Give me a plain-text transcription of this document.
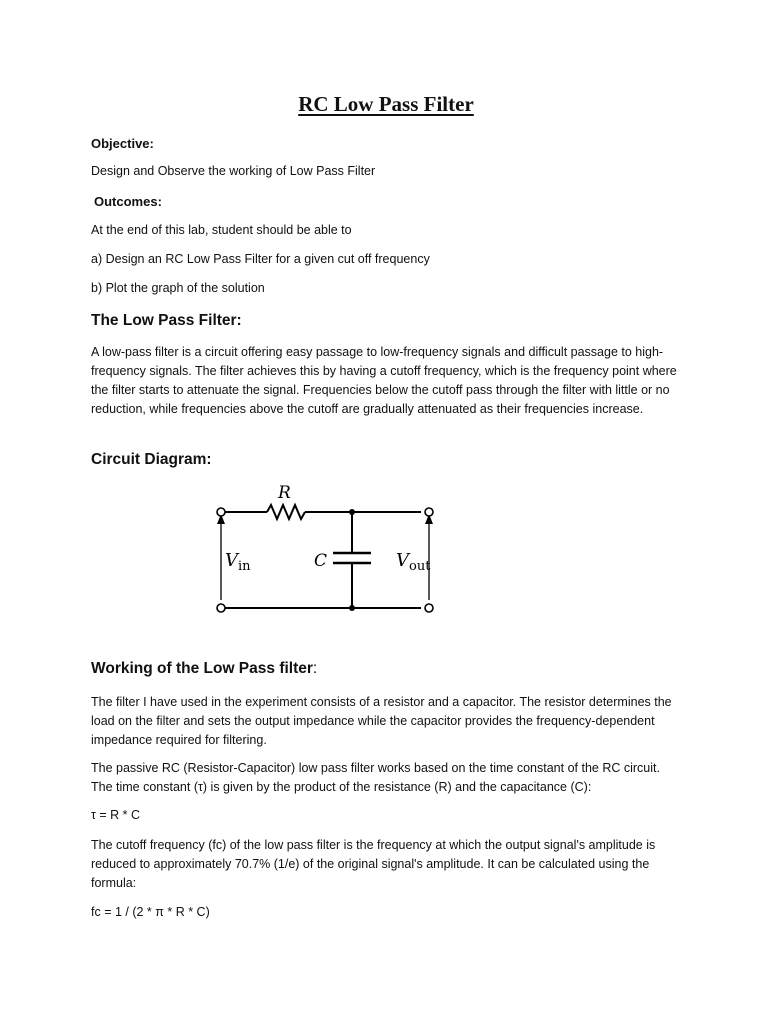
RC Low Pass Filter

Objective:

Design and Observe the working of Low Pass Filter

Outcomes:

At the end of this lab, student should be able to

a) Design an RC Low Pass Filter for a given cut off frequency

b) Plot the graph of the solution

The Low Pass Filter:

A low-pass filter is a circuit offering easy passage to low-frequency signals and difficult passage to high-frequency signals. The filter achieves this by having a cutoff frequency, which is the frequency point where the filter starts to attenuate the signal. Frequencies below the cutoff pass through the filter with little or no reduction, while frequencies above the cutoff are gradually attenuated as their frequencies increase.

Circuit Diagram:
R
C
$V_{in}$	$V_{out}$
Working of the Low Pass filter:

The filter I have used in the experiment consists of a resistor and a capacitor. The resistor determines the load on the filter and sets the output impedance while the capacitor provides the frequency-dependent impedance required for filtering.

The passive RC (Resistor-Capacitor) low pass filter works based on the time constant of the RC circuit. The time constant (τ) is given by the product of the resistance (R) and the capacitance (C):

τ = R * C

The cutoff frequency (fc) of the low pass filter is the frequency at which the output signal's amplitude is reduced to approximately 70.7% (1/e) of the original signal's amplitude. It can be calculated using the formula:

fc = 1 / (2 * π * R * C)
